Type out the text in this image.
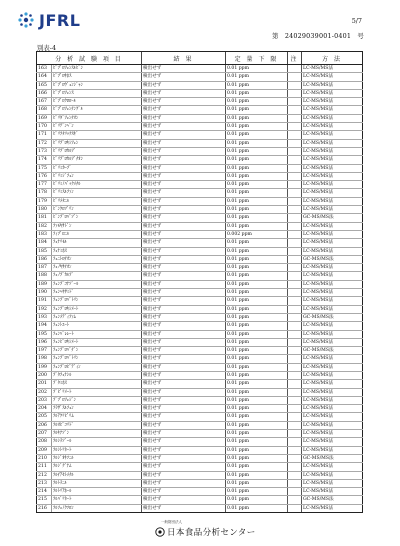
JFRL	5/7
第 24029039001-0401 号
別表-4
分 析 試 験 項 目		結 果	定 量 下 限	注	方 法
163	ﾋﾟﾌﾟﾛﾌｪﾝｽﾙﾋﾞﾝ	検出せず	0.01 ppm		LC-MS/MS法
164	ﾋﾟﾌﾟﾛｷﾎｽ	検出せず	0.01 ppm		LC-MS/MS法
165	ﾋﾟﾌﾟﾛｳﾞｪﾝｼﾞｬﾝ	検出せず	0.01 ppm		LC-MS/MS法
166	ﾋﾟﾌﾟﾛﾌｪﾝｽ	検出せず	0.01 ppm		LC-MS/MS法
167	ﾋﾟﾌﾟﾛｸﾛﾛｰﾙ	検出せず	0.01 ppm		LC-MS/MS法
168	ﾋﾟﾌﾟﾛﾌｪﾝﾁﾝｸﾞﾙ	検出せず	0.01 ppm		LC-MS/MS法
169	ﾋﾟﾘﾀﾞﾌｪﾝﾁｵﾝ	検出せず	0.01 ppm		LC-MS/MS法
170	ﾋﾟﾘﾃﾞﾝﾍﾞﾝ	検出せず	0.01 ppm		LC-MS/MS法
171	ﾋﾟﾘﾌﾀﾘｯｸｽｷﾞ	検出せず	0.01 ppm		LC-MS/MS法
172	ﾋﾟﾘﾌﾟﾛｷｼﾌｪﾝ	検出せず	0.01 ppm		LC-MS/MS法
173	ﾋﾟﾘﾌﾟﾛｶﾙﾌﾞ	検出せず	0.01 ppm		LC-MS/MS法
174	ﾋﾟﾘﾌﾟﾛｶﾙﾌﾞﾁｵﾝ	検出せず	0.01 ppm		LC-MS/MS法
175	ﾋﾟﾘﾐｶｰﾌﾞ	検出せず	0.01 ppm		LC-MS/MS法
176	ﾋﾟﾘﾐｼﾞﾌｪﾝ	検出せず	0.01 ppm		LC-MS/MS法
177	ﾋﾟﾘﾐﾉﾊﾞｯｸﾒﾁﾙ	検出せず	0.01 ppm		LC-MS/MS法
178	ﾋﾟﾘﾐｽﾙﾌｧﾝ	検出せず	0.01 ppm		LC-MS/MS法
179	ﾋﾟﾘﾒﾀﾆﾙ	検出せず	0.01 ppm		LC-MS/MS法
180	ﾋﾞﾝｸﾛｿﾞﾘﾝ	検出せず	0.01 ppm		LC-MS/MS法
181	ﾋﾞﾝﾌﾟﾛﾊﾟｿﾞﾝ	検出せず	0.01 ppm		GC-MS/MS法
182	ﾌｧﾓｷｻﾄﾞﾝ	検出せず	0.01 ppm		LC-MS/MS法
183	ﾌｨﾌﾟﾛﾆﾙ	検出せず	0.002 ppm		LC-MS/MS法
184	ﾌｪﾅﾘﾓﾙ	検出せず	0.01 ppm		LC-MS/MS法
185	ﾌｪﾅﾐﾎｽ	検出せず	0.01 ppm		LC-MS/MS法
186	ﾌｪﾆﾄﾛﾁｵﾝ	検出せず	0.01 ppm		GC-MS/MS法
187	ﾌｪﾉｷｻﾁｵﾝ	検出せず	0.01 ppm		LC-MS/MS法
188	ﾌｪﾉﾌﾞｶﾙﾌﾞ	検出せず	0.01 ppm		LC-MS/MS法
189	ﾌｪﾝﾌﾞｺﾅｿﾞｰﾙ	検出せず	0.01 ppm		LC-MS/MS法
190	ﾌｪﾝﾍｷｻﾐﾄﾞ	検出せず	0.01 ppm		LC-MS/MS法
191	ﾌｪﾝﾌﾟﾛﾊﾟﾄﾘﾝ	検出せず	0.01 ppm		LC-MS/MS法
192	ﾌｪﾝﾌﾟﾛｷｼﾒｰﾄ	検出せず	0.01 ppm		LC-MS/MS法
193	ﾌｪﾝﾒﾃﾞｨﾌｧﾑ	検出せず	0.01 ppm		GC-MS/MS法
194	ﾌｪﾝﾄｴｰﾄ	検出せず	0.01 ppm		LC-MS/MS法
195	ﾌｪﾝﾊﾞﾚﾚｰﾄ	検出せず	0.01 ppm		LC-MS/MS法
196	ﾌｪﾝﾋﾟﾛｷｼﾒｰﾄ	検出せず	0.01 ppm		LC-MS/MS法
197	ﾌｪﾝﾌﾟﾛﾊﾟﾁﾞﾝ	検出せず	0.01 ppm		GC-MS/MS法
198	ﾌｪﾝﾌﾟﾛﾊﾟﾄﾘﾝ	検出せず	0.01 ppm		LC-MS/MS法
199	ﾌｪﾝﾌﾟﾛﾋﾟﾃﾞｨﾝ	検出せず	0.01 ppm		LC-MS/MS法
200	ﾌﾞﾀﾌｪﾅｼﾙ	検出せず	0.01 ppm		LC-MS/MS法
201	ﾌﾞﾀﾐﾎｽ	検出せず	0.01 ppm		LC-MS/MS法
202	ﾌﾞﾋﾟﾘﾒｰﾄ	検出せず	0.01 ppm		LC-MS/MS法
203	ﾌﾞﾌﾟﾛﾌｪｼﾞﾝ	検出せず	0.01 ppm		LC-MS/MS法
204	ﾌﾗｻﾞｽﾙﾌｪﾝ	検出せず	0.01 ppm		LC-MS/MS法
205	ﾌﾙｱｸﾘﾋﾟﾘﾑ	検出せず	0.01 ppm		LC-MS/MS法
206	ﾌﾙｵﾋﾟｺﾘﾄﾞ	検出せず	0.01 ppm		LC-MS/MS法
207	ﾌﾙｷﾅｿﾞﾝ	検出せず	0.01 ppm		LC-MS/MS法
208	ﾌﾙｼﾗｿﾞｰﾙ	検出せず	0.01 ppm		LC-MS/MS法
209	ﾌﾙｼﾄﾘﾈｰﾄ	検出せず	0.01 ppm		LC-MS/MS法
210	ﾌﾙｼﾞｵｷｿﾆﾙ	検出せず	0.01 ppm		GC-MS/MS法
211	ﾌﾙｼﾞｸﾞﾅﾑ	検出せず	0.01 ppm		LC-MS/MS法
212	ﾌﾙﾁｱｾﾄﾒﾁﾙ	検出せず	0.01 ppm		LC-MS/MS法
213	ﾌﾙﾄﾗﾆﾙ	検出せず	0.01 ppm		LC-MS/MS法
214	ﾌﾙﾄﾘｱﾎｰﾙ	検出せず	0.01 ppm		LC-MS/MS法
215	ﾌﾙﾊﾞﾘﾈｰﾄ	検出せず	0.01 ppm		GC-MS/MS法
216	ﾌﾙﾌｪﾉｸｿﾛﾝ	検出せず	0.01 ppm		LC-MS/MS法
一般財団法人
日本食品分析センター
